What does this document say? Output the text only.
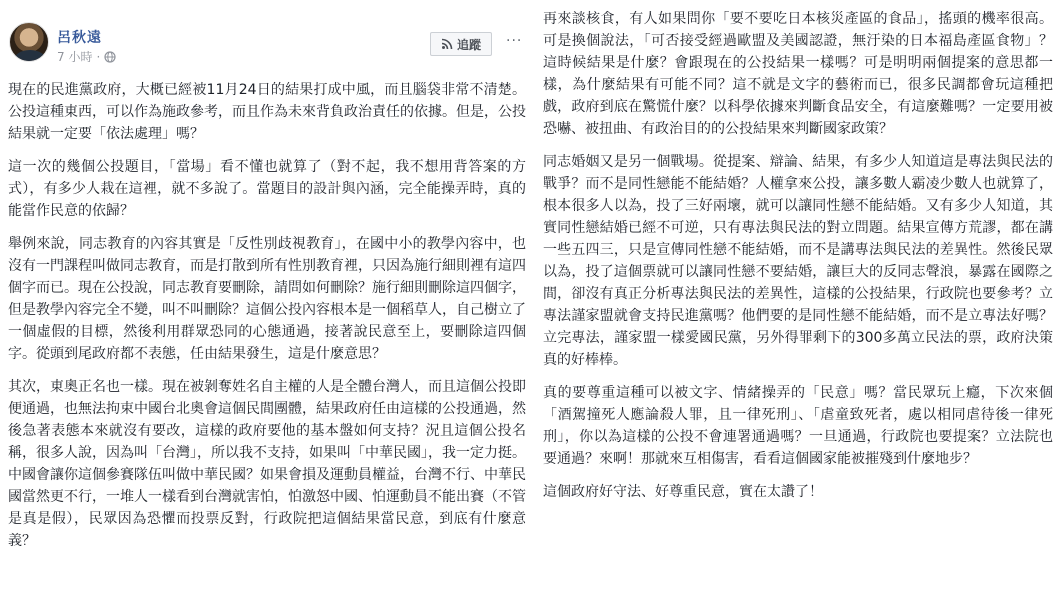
呂秋遠
7 小時 ·
追蹤 ···

現在的民進黨政府，大概已經被11月24日的結果打成中風，而且腦袋非常不清楚。公投這種東西，可以作為施政參考，而且作為未來背負政治責任的依據。但是，公投結果就一定要「依法處理」嗎？

這一次的幾個公投題目，「當場」看不懂也就算了（對不起，我不想用背答案的方式），有多少人栽在這裡，就不多說了。當題目的設計與內涵，完全能操弄時，真的能當作民意的依歸？

舉例來說，同志教育的內容其實是「反性別歧視教育」，在國中小的教學內容中，也沒有一門課程叫做同志教育，而是打散到所有性別教育裡，只因為施行細則裡有這四個字而已。現在公投說，同志教育要刪除，請問如何刪除？施行細則刪除這四個字，但是教學內容完全不變，叫不叫刪除？這個公投內容根本是一個稻草人，自己樹立了一個虛假的目標，然後利用群眾恐同的心態通過，接著說民意至上，要刪除這四個字。從頭到尾政府都不表態，任由結果發生，這是什麼意思？

其次，東奧正名也一樣。現在被剝奪姓名自主權的人是全體台灣人，而且這個公投即便通過，也無法拘束中國台北奧會這個民間團體，結果政府任由這樣的公投通過，然後急著表態本來就沒有要改，這樣的政府要他的基本盤如何支持？況且這個公投名稱，很多人說，因為叫「台灣」，所以我不支持，如果叫「中華民國」，我一定力挺。中國會讓你這個參賽隊伍叫做中華民國？如果會損及運動員權益，台灣不行、中華民國當然更不行，一堆人一樣看到台灣就害怕，怕激怒中國、怕運動員不能出賽（不管是真是假），民眾因為恐懼而投票反對，行政院把這個結果當民意，到底有什麼意義？

再來談核食，有人如果問你「要不要吃日本核災產區的食品」，搖頭的機率很高。可是換個說法，「可否接受經過歐盟及美國認證，無汙染的日本福島產區食物」？這時候結果是什麼？會跟現在的公投結果一樣嗎？可是明明兩個提案的意思都一樣，為什麼結果有可能不同？這不就是文字的藝術而已，很多民調都會玩這種把戲，政府到底在驚慌什麼？以科學依據來判斷食品安全，有這麼難嗎？一定要用被恐嚇、被扭曲、有政治目的的公投結果來判斷國家政策？

同志婚姻又是另一個戰場。從提案、辯論、結果，有多少人知道這是專法與民法的戰爭？而不是同性戀能不能結婚？人權拿來公投，讓多數人霸凌少數人也就算了，根本很多人以為，投了三好兩壞，就可以讓同性戀不能結婚。又有多少人知道，其實同性戀結婚已經不可逆，只有專法與民法的對立問題。結果宣傳方荒謬，都在講一些五四三，只是宣傳同性戀不能結婚，而不是講專法與民法的差異性。然後民眾以為，投了這個票就可以讓同性戀不要結婚，讓巨大的反同志聲浪，暴露在國際之間，卻沒有真正分析專法與民法的差異性，這樣的公投結果，行政院也要參考？立專法謹家盟就會支持民進黨嗎？他們要的是同性戀不能結婚，而不是立專法好嗎？立完專法，謹家盟一樣愛國民黨，另外得罪剩下的300多萬立民法的票，政府決策真的好棒棒。

真的要尊重這種可以被文字、情緒操弄的「民意」嗎？當民眾玩上癮，下次來個「酒駕撞死人應論殺人罪，且一律死刑」、「虐童致死者，處以相同虐待後一律死刑」，你以為這樣的公投不會連署通過嗎？一旦通過，行政院也要提案？立法院也要通過？來啊！那就來互相傷害，看看這個國家能被摧殘到什麼地步？

這個政府好守法、好尊重民意，實在太讚了！
